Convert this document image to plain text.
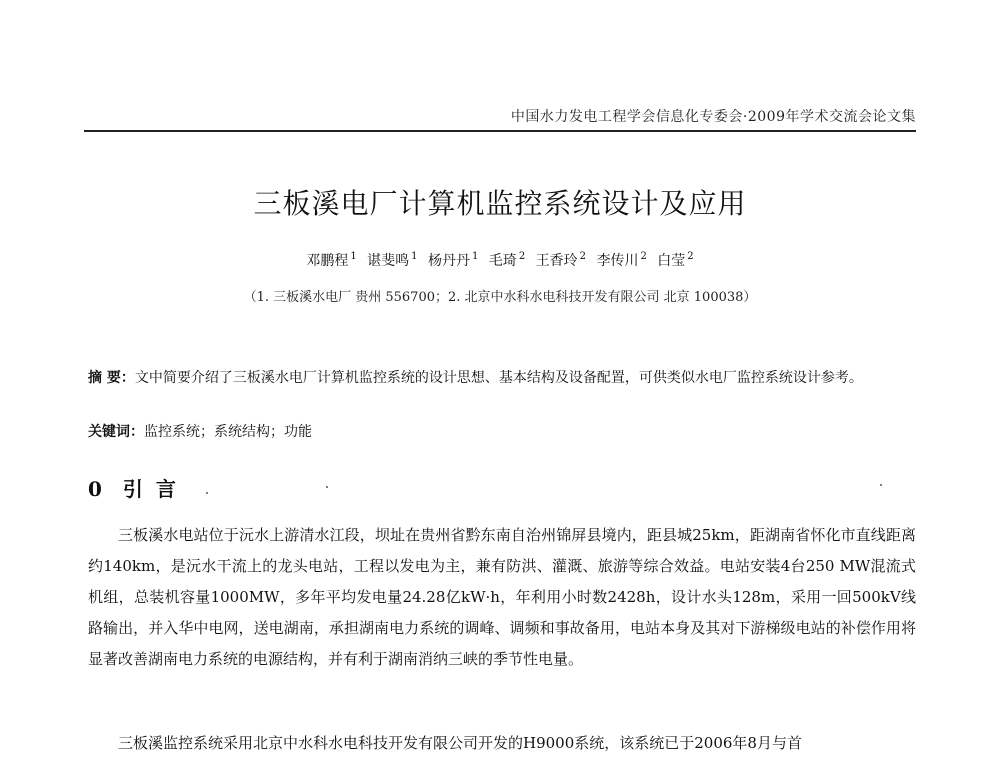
中国水力发电工程学会信息化专委会·2009年学术交流会论文集
三板溪电厂计算机监控系统设计及应用
邓鹏程 $^1$ 谌斐鸣 $^1$ 杨丹丹 $^1$ 毛琦 $^2$ 王香玲 $^2$ 李传川 $^2$ 白莹 $^2$
（1. 三板溪水电厂 贵州 556700；2. 北京中水科水电科技开发有限公司 北京 100038）
摘 要：文中简要介绍了三板溪水电厂计算机监控系统的设计思想、基本结构及设备配置，可供类似水电厂监控系统设计参考。
关键词：监控系统；系统结构；功能
0 引 言
三板溪水电站位于沅水上游清水江段，坝址在贵州省黔东南自治州锦屏县境内，距县城25km，距湖南省怀化市直线距离约140km，是沅水干流上的龙头电站，工程以发电为主，兼有防洪、灌溉、旅游等综合效益。电站安装4台250 MW混流式机组，总装机容量1000MW，多年平均发电量24.28亿kW·h，年利用小时数2428h，设计水头128m，采用一回500kV线路输出，并入华中电网，送电湖南，承担湖南电力系统的调峰、调频和事故备用，电站本身及其对下游梯级电站的补偿作用将显著改善湖南电力系统的电源结构，并有利于湖南消纳三峡的季节性电量。
三板溪监控系统采用北京中水科水电科技开发有限公司开发的H9000系统，该系统已于2006年8月与首
